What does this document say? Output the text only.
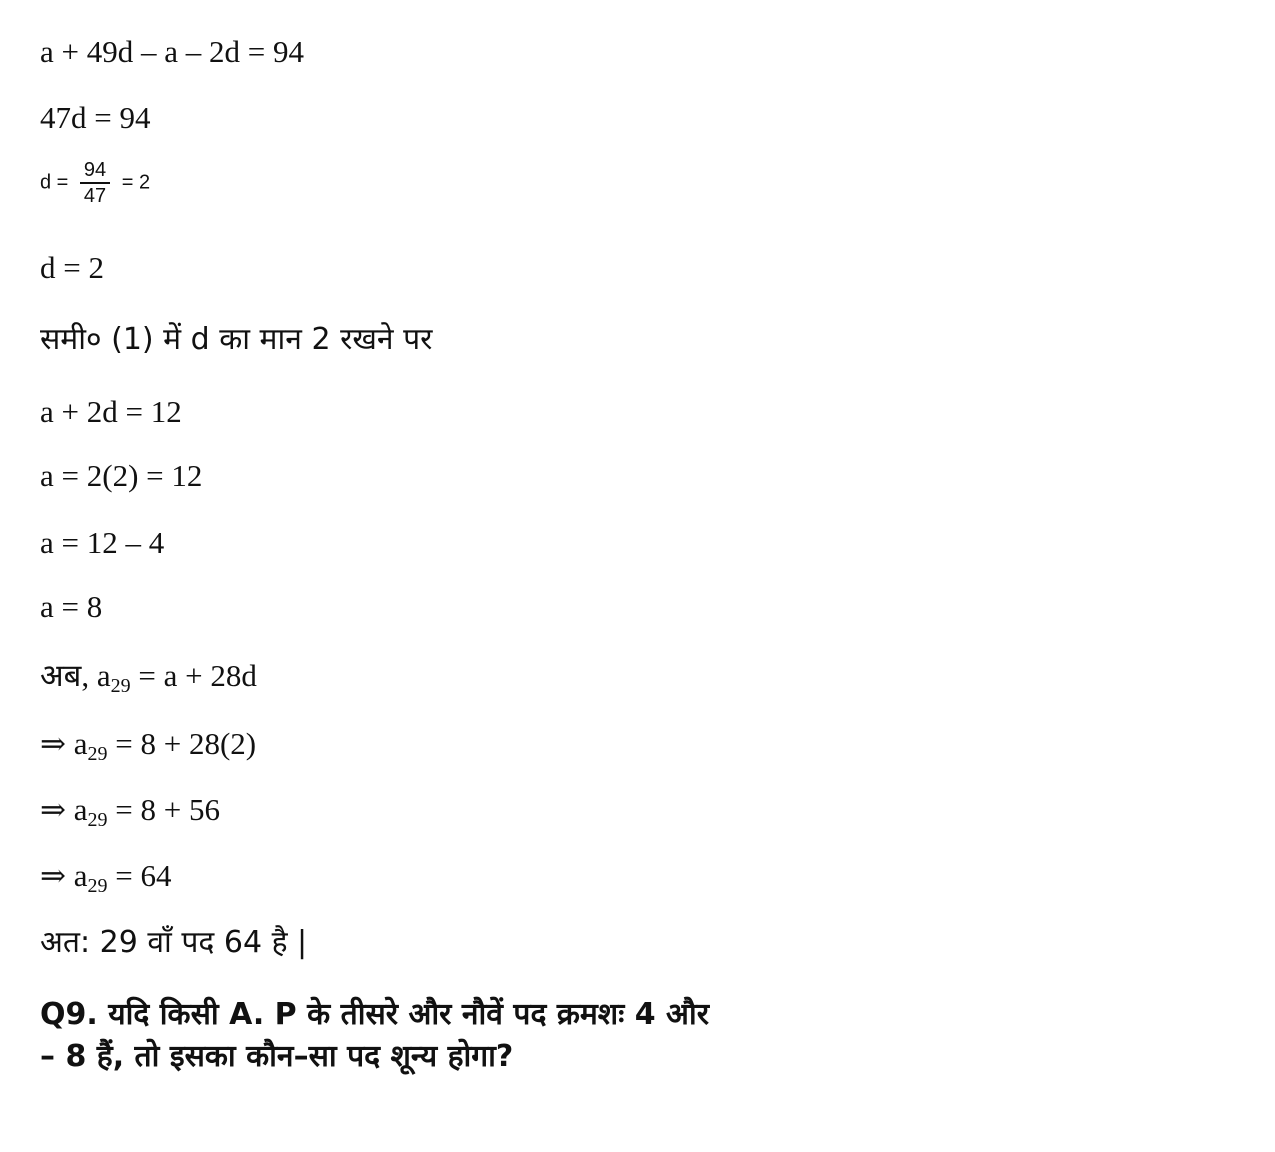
a + 49d – a – 2d = 94
47d = 94
$d = \frac{94}{47} = 2$
d = 2
समी० (1) में d का मान 2 रखने पर
a + 2d = 12
a = 2(2) = 12
a = 12 – 4
a = 8
अब, $a_{29} = a + 28d$
⇒ $a_{29} = 8 + 28(2)$
⇒ $a_{29} = 8 + 56$
⇒ $a_{29} = 64$
अत: 29 वाँ पद 64 है |
Q9. यदि किसी A. P के तीसरे और नौवें पद क्रमशः 4 और
– 8 हैं, तो इसका कौन–सा पद शून्य होगा?
